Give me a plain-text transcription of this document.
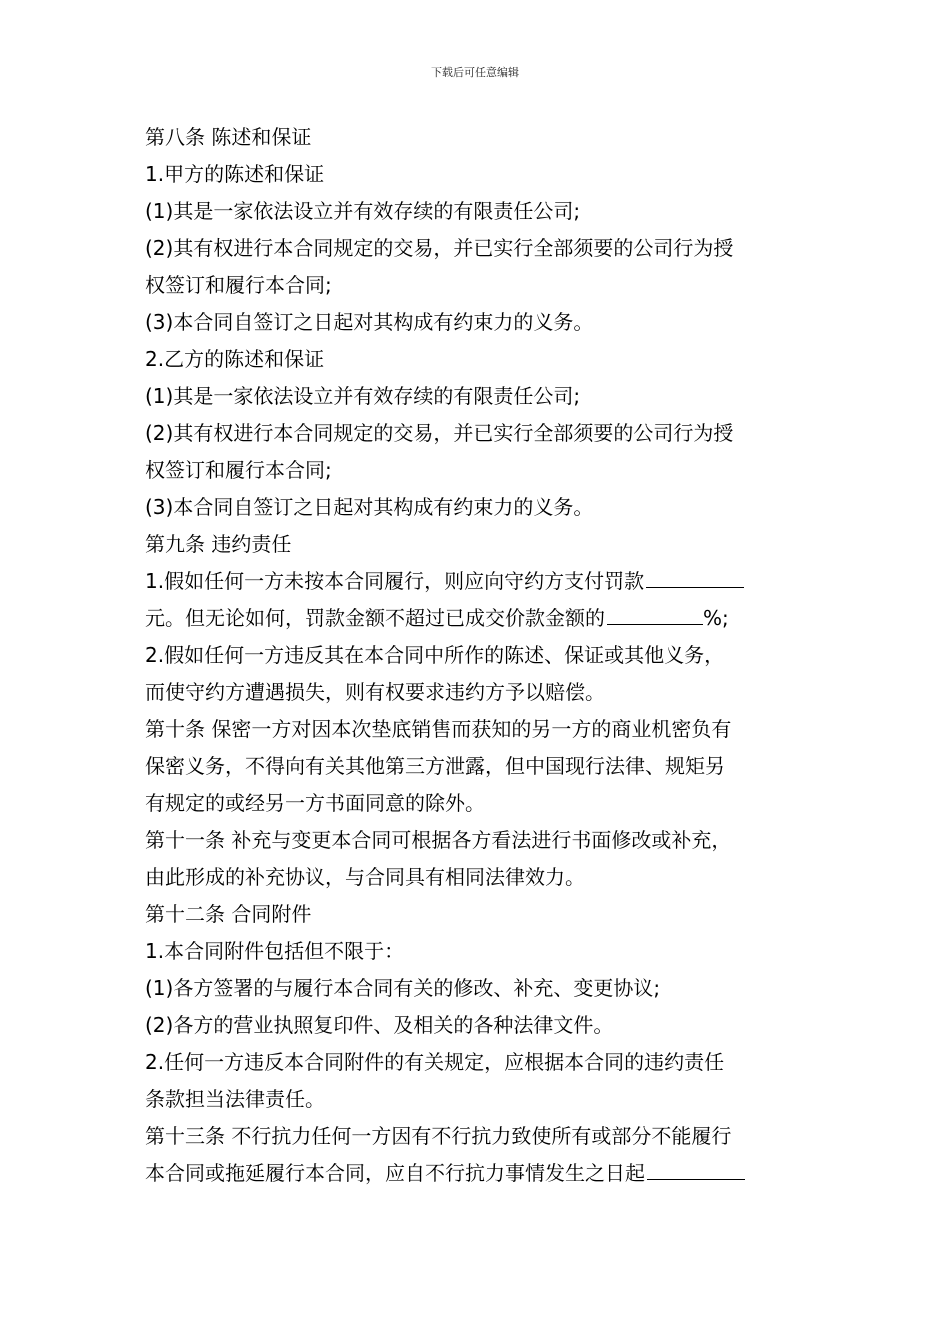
下载后可任意编辑

第八条 陈述和保证

1.甲方的陈述和保证

(1)其是一家依法设立并有效存续的有限责任公司;

(2)其有权进行本合同规定的交易，并已实行全部须要的公司行为授

权签订和履行本合同;

(3)本合同自签订之日起对其构成有约束力的义务。

2.乙方的陈述和保证

(1)其是一家依法设立并有效存续的有限责任公司;

(2)其有权进行本合同规定的交易，并已实行全部须要的公司行为授

权签订和履行本合同;

(3)本合同自签订之日起对其构成有约束力的义务。

第九条 违约责任

1.假如任何一方未按本合同履行，则应向守约方支付罚款

元。但无论如何，罚款金额不超过已成交价款金额的	%;

2.假如任何一方违反其在本合同中所作的陈述、保证或其他义务，

而使守约方遭遇损失，则有权要求违约方予以赔偿。

第十条 保密一方对因本次垫底销售而获知的另一方的商业机密负有

保密义务，不得向有关其他第三方泄露，但中国现行法律、规矩另

有规定的或经另一方书面同意的除外。

第十一条 补充与变更本合同可根据各方看法进行书面修改或补充，

由此形成的补充协议，与合同具有相同法律效力。

第十二条 合同附件

1.本合同附件包括但不限于：

(1)各方签署的与履行本合同有关的修改、补充、变更协议;

(2)各方的营业执照复印件、及相关的各种法律文件。

2.任何一方违反本合同附件的有关规定，应根据本合同的违约责任

条款担当法律责任。

第十三条 不行抗力任何一方因有不行抗力致使所有或部分不能履行

本合同或拖延履行本合同，应自不行抗力事情发生之日起
